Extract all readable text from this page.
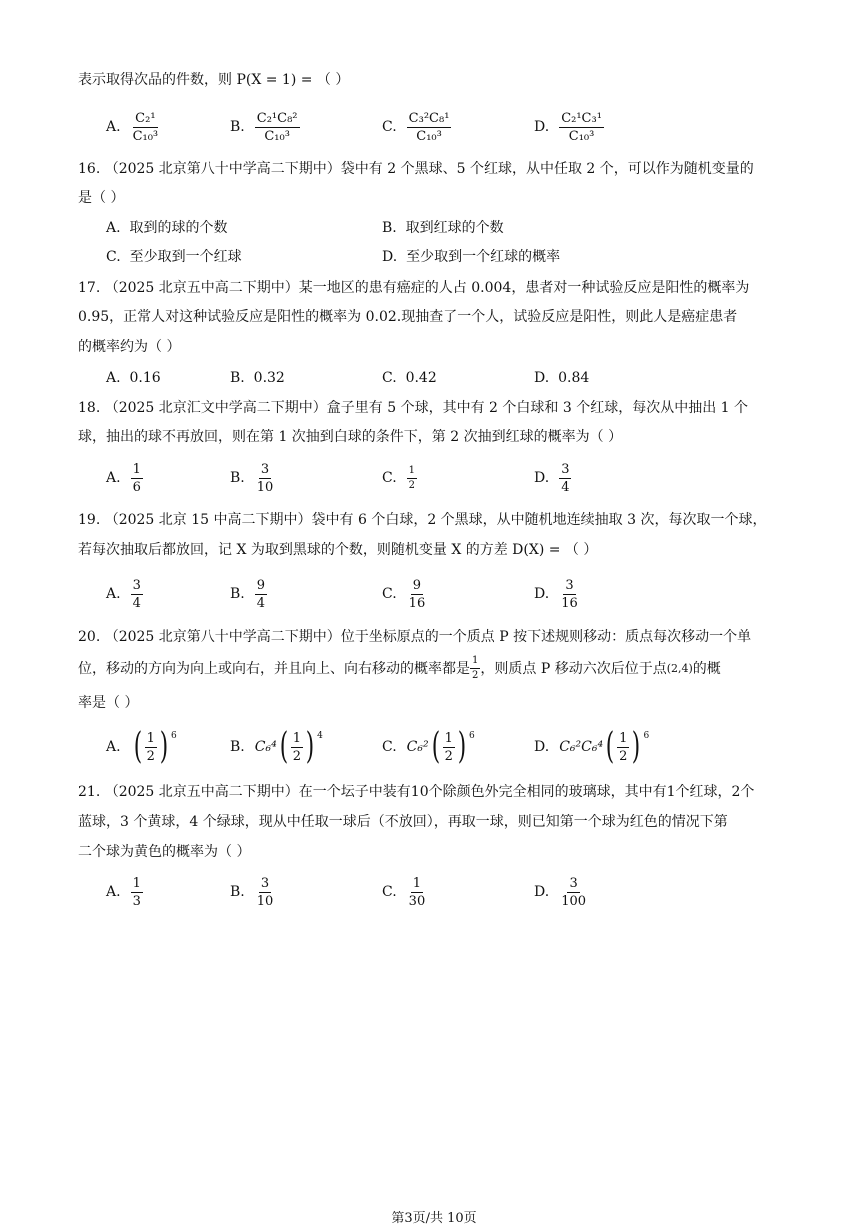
表示取得次品的件数，则 P(X = 1) = （ ）
A. $\frac{\text{C₂¹}}{\text{C₁₀³}}$	B. $\frac{\text{C₂¹C₈²}}{\text{C₁₀³}}$	C. $\frac{\text{C₃²C₈¹}}{\text{C₁₀³}}$	D. $\frac{\text{C₂¹C₃¹}}{\text{C₁₀³}}$
16. （2025 北京第八十中学高二下期中）袋中有 2 个黑球、5 个红球，从中任取 2 个，可以作为随机变量的
是（ ）
A. 取到的球的个数	B. 取到红球的个数
C. 至少取到一个红球	D. 至少取到一个红球的概率
17. （2025 北京五中高二下期中）某一地区的患有癌症的人占 0.004，患者对一种试验反应是阳性的概率为
0.95，正常人对这种试验反应是阳性的概率为 0.02.现抽查了一个人，试验反应是阳性，则此人是癌症患者
的概率约为（ ）
A. 0.16	B. 0.32	C. 0.42	D. 0.84
18. （2025 北京汇文中学高二下期中）盒子里有 5 个球，其中有 2 个白球和 3 个红球，每次从中抽出 1 个
球，抽出的球不再放回，则在第 1 次抽到白球的条件下，第 2 次抽到红球的概率为（ ）
A. $\frac{1}{6}$	B. $\frac{3}{10}$	C. $\frac{1}{2}$	D. $\frac{3}{4}$
19. （2025 北京 15 中高二下期中）袋中有 6 个白球，2 个黑球，从中随机地连续抽取 3 次，每次取一个球，
若每次抽取后都放回，记 X 为取到黑球的个数，则随机变量 X 的方差 D(X) = （ ）
A. $\frac{3}{4}$	B. $\frac{9}{4}$	C. $\frac{9}{16}$	D. $\frac{3}{16}$
20. （2025 北京第八十中学高二下期中）位于坐标原点的一个质点 P 按下述规则移动：质点每次移动一个单
位，移动的方向为向上或向右，并且向上、向右移动的概率都是 $\frac{1}{2}$ ，则质点 P 移动六次后位于点 (2,4) 的概
率是（ ）
A. ( $\frac{1}{2}$ ) 6
B. C₆⁴ ( $\frac{1}{2}$ ) 4
C. C₆² ( $\frac{1}{2}$ ) 6
D. C₆²C₆⁴ ( $\frac{1}{2}$ ) 6
21. （2025 北京五中高二下期中）在一个坛子中装有10个除颜色外完全相同的玻璃球，其中有1个红球，2个
蓝球，3 个黄球，4 个绿球，现从中任取一球后（不放回），再取一球，则已知第一个球为红色的情况下第
二个球为黄色的概率为（ ）
A. $\frac{1}{3}$	B. $\frac{3}{10}$	C. $\frac{1}{30}$	D. $\frac{3}{100}$
第3页/共 10页
